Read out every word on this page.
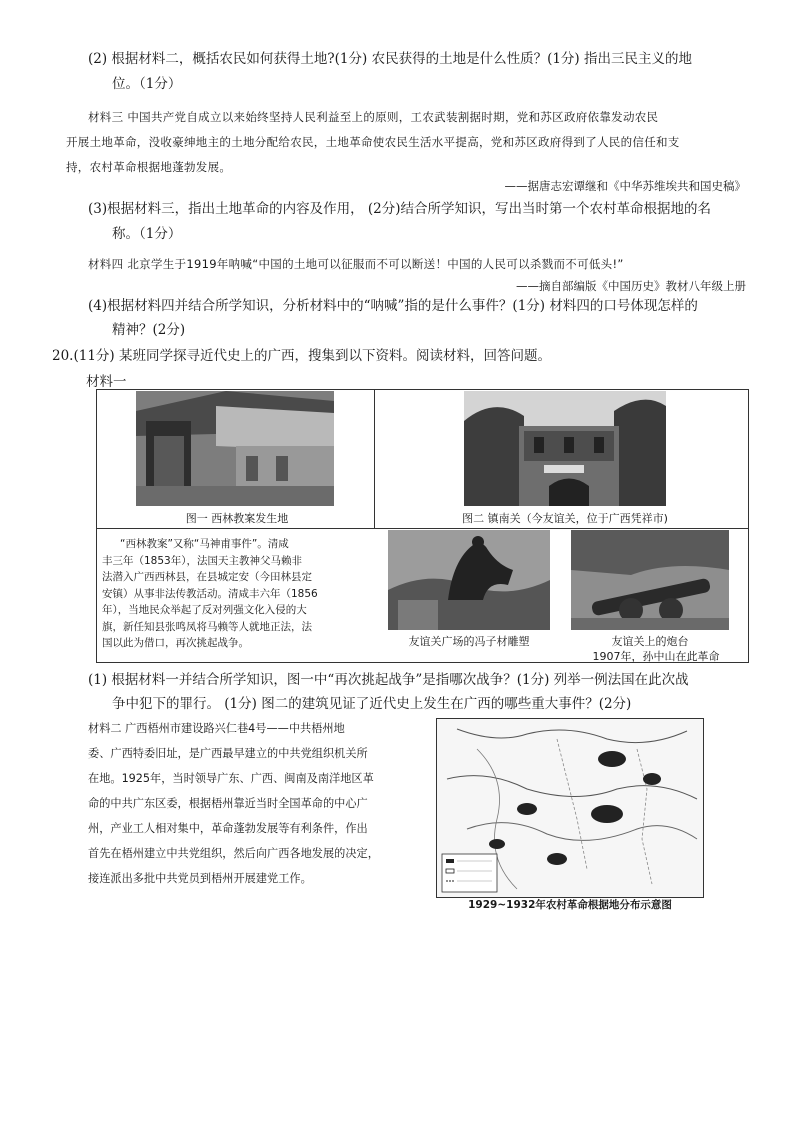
(2) 根据材料二，概括农民如何获得土地?(1分) 农民获得的土地是什么性质？(1分) 指出三民主义的地
位。（1分）
材料三 中国共产党自成立以来始终坚持人民利益至上的原则，工农武装割据时期，党和苏区政府依靠发动农民
开展土地革命，没收豪绅地主的土地分配给农民，土地革命使农民生活水平提高，党和苏区政府得到了人民的信任和支
持，农村革命根据地蓬勃发展。
——据唐志宏谭继和《中华苏维埃共和国史稿》
(3)根据材料三，指出土地革命的内容及作用， (2分)结合所学知识，写出当时第一个农村革命根据地的名
称。（1分）
材料四 北京学生于1919年呐喊“中国的土地可以征服而不可以断送！中国的人民可以杀戮而不可低头!”
——摘自部编版《中国历史》教材八年级上册
(4)根据材料四并结合所学知识，分析材料中的“呐喊”指的是什么事件？(1分) 材料四的口号体现怎样的
精神？(2分)
20.(11分) 某班同学探寻近代史上的广西，搜集到以下资料。阅读材料，回答问题。
材料一
图一 西林教案发生地	图二 镇南关（今友谊关，位于广西凭祥市)
“西林教案”又称“马神甫事件”。清咸
丰三年（1853年），法国天主教神父马赖非
法潜入广西西林县，在县城定安（今田林县定
安镇）从事非法传教活动。清咸丰六年（1856
年），当地民众举起了反对列强文化入侵的大
旗，新任知县张鸣凤将马赖等人就地正法，法
国以此为借口，再次挑起战争。	友谊关广场的冯子材雕塑	友谊关上的炮台
1907年，孙中山在此革命
(1) 根据材料一并结合所学知识，图一中“再次挑起战争”是指哪次战争？(1分) 列举一例法国在此次战
争中犯下的罪行。 (1分) 图二的建筑见证了近代史上发生在广西的哪些重大事件？(2分)
材料二 广西梧州市建设路兴仁巷4号——中共梧州地
委、广西特委旧址，是广西最早建立的中共党组织机关所
在地。1925年，当时领导广东、广西、闽南及南洋地区革
命的中共广东区委，根据梧州靠近当时全国革命的中心广
州，产业工人相对集中，革命蓬勃发展等有利条件，作出
首先在梧州建立中共党组织，然后向广西各地发展的决定，
接连派出多批中共党员到梧州开展建党工作。
1929~1932年农村革命根据地分布示意图
